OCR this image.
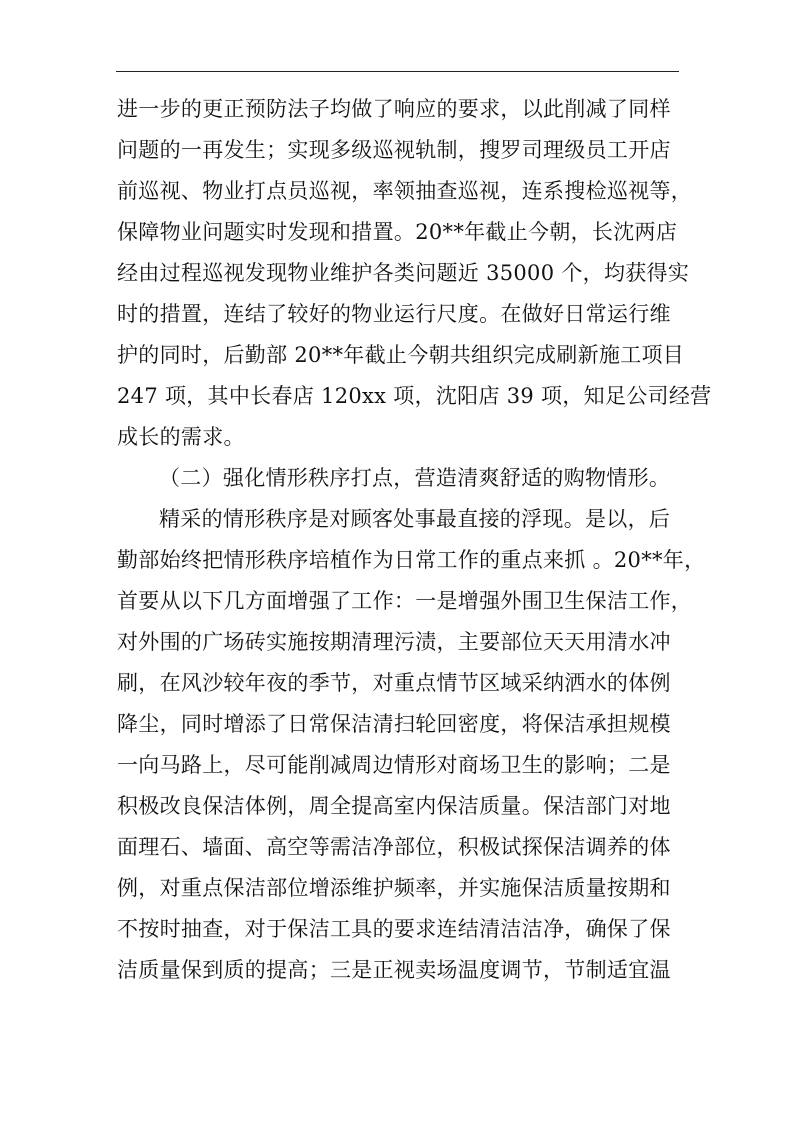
进一步的更正预防法子均做了响应的要求，以此削减了同样
问题的一再发生；实现多级巡视轨制，搜罗司理级员工开店
前巡视、物业打点员巡视，率领抽查巡视，连系搜检巡视等，
保障物业问题实时发现和措置。20**年截止今朝，长沈两店
经由过程巡视发现物业维护各类问题近 35000 个，均获得实
时的措置，连结了较好的物业运行尺度。在做好日常运行维
护的同时，后勤部 20**年截止今朝共组织完成刷新施工项目
247 项，其中长春店 120xx 项，沈阳店 39 项，知足公司经营
成长的需求。
（二）强化情形秩序打点，营造清爽舒适的购物情形。
精采的情形秩序是对顾客处事最直接的浮现。是以，后
勤部始终把情形秩序培植作为日常工作的重点来抓 。20**年，
首要从以下几方面增强了工作：一是增强外围卫生保洁工作，
对外围的广场砖实施按期清理污渍，主要部位天天用清水冲
刷，在风沙较年夜的季节，对重点情节区域采纳洒水的体例
降尘，同时增添了日常保洁清扫轮回密度，将保洁承担规模
一向马路上，尽可能削减周边情形对商场卫生的影响；二是
积极改良保洁体例，周全提高室内保洁质量。保洁部门对地
面理石、墙面、高空等需洁净部位，积极试探保洁调养的体
例，对重点保洁部位增添维护频率，并实施保洁质量按期和
不按时抽查，对于保洁工具的要求连结清洁洁净，确保了保
洁质量保到质的提高；三是正视卖场温度调节，节制适宜温
